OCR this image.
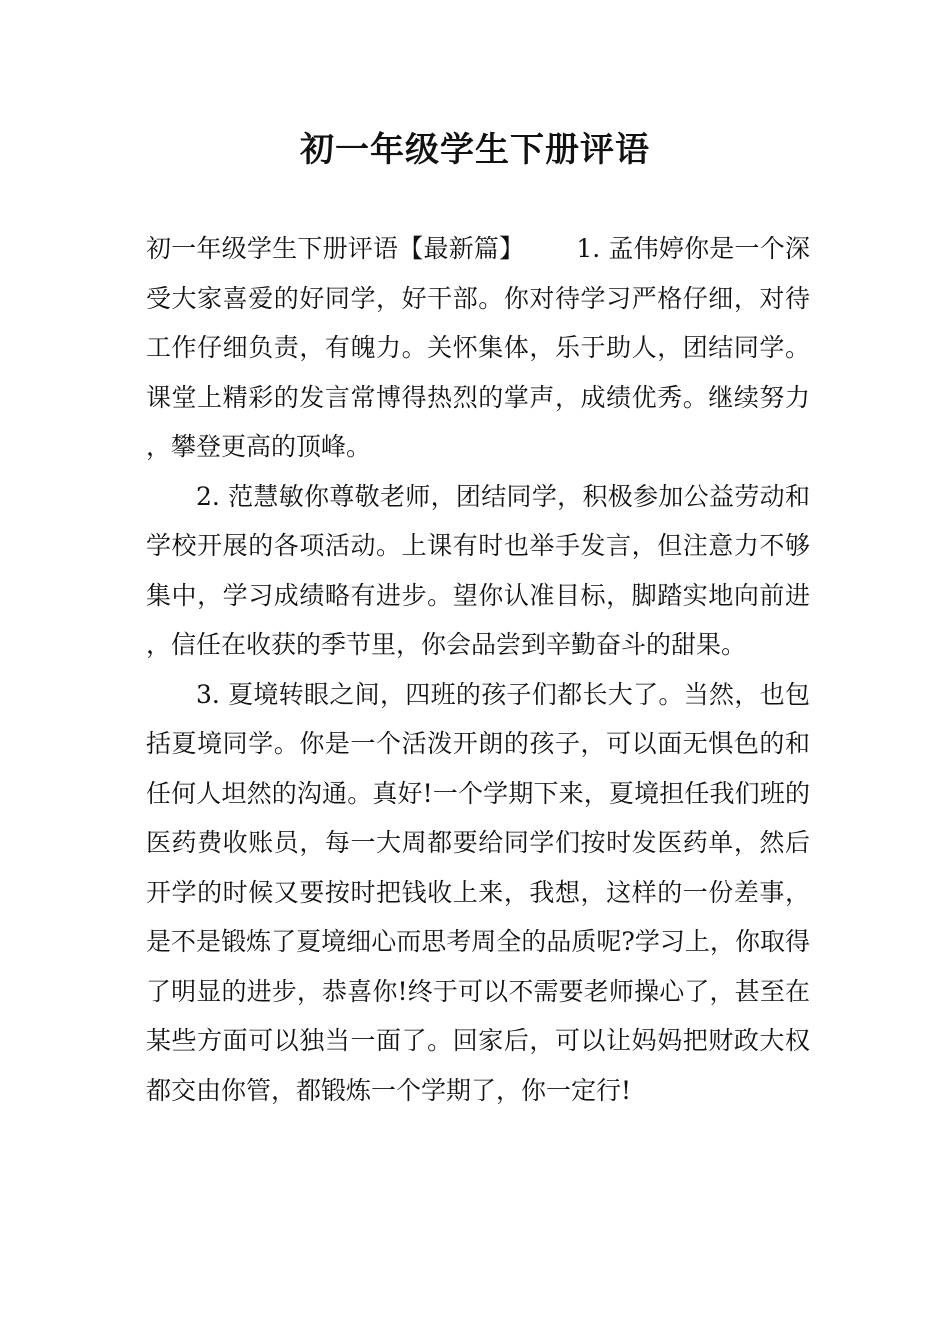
初一年级学生下册评语

初一年级学生下册评语【最新篇】 1. 孟伟婷你是一个深受大家喜爱的好同学，好干部。你对待学习严格仔细，对待工作仔细负责，有魄力。关怀集体，乐于助人，团结同学。课堂上精彩的发言常博得热烈的掌声，成绩优秀。继续努力，攀登更高的顶峰。

2. 范慧敏你尊敬老师，团结同学，积极参加公益劳动和学校开展的各项活动。上课有时也举手发言，但注意力不够集中，学习成绩略有进步。望你认准目标，脚踏实地向前进，信任在收获的季节里，你会品尝到辛勤奋斗的甜果。

3. 夏境转眼之间，四班的孩子们都长大了。当然，也包括夏境同学。你是一个活泼开朗的孩子，可以面无惧色的和任何人坦然的沟通。真好!一个学期下来，夏境担任我们班的医药费收账员，每一大周都要给同学们按时发医药单，然后开学的时候又要按时把钱收上来，我想，这样的一份差事，是不是锻炼了夏境细心而思考周全的品质呢?学习上，你取得了明显的进步，恭喜你!终于可以不需要老师操心了，甚至在某些方面可以独当一面了。回家后，可以让妈妈把财政大权都交由你管，都锻炼一个学期了，你一定行!
